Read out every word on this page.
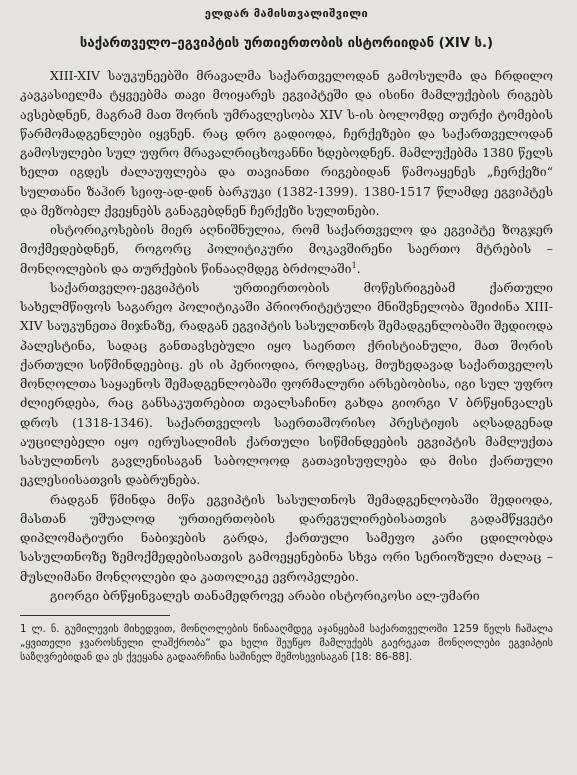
ელდარ მამისთვალიშვილი
საქართველო–ეგვიპტის ურთიერთობის ისტორიიდან (XIV ს.)

XIII-XIV საუკუნეებში მრავალმა საქართველოდან გამოსულმა და ჩრდილო კავკასიელმა ტყვეებმა თავი მოიყარეს ეგვიპტეში და ისინი მამლუქების რიგებს ავსებდნენ, მაგრამ მათ შორის უმრავლესობა XIV ს-ის ბოლომდე თურქი ტომების წარმომადგენლები იყვნენ. რაც დრო გადიოდა, ჩერქეზები და საქართველოდან გამოსულები სულ უფრო მრავალრიცხოვანნი ხდებოდნენ. მამლუქებმა 1380 წელს ხელთ იგდეს ძალაუფლება და თავიანთი რიგებიდან წამოაყენეს „ჩერქეზი“ სულთანი ზაჰირ სეიფ-ად-დინ ბარკუკი (1382-1399). 1380-1517 წლამდე ეგვიპტეს და მეზობელ ქვეყნებს განაგებდნენ ჩერქეზი სულთნები.

ისტორიკოსების მიერ აღნიშნულია, რომ საქართველო და ეგვიპტე ზოგჯერ მოქმედებდნენ, როგორც პოლიტიკური მოკავშირენი საერთო მტრების – მონღოლების და თურქების წინააღმდეგ ბრძოლაში$^1$.

საქართველო-ეგვიპტის ურთიერთობის მოწესრიგებამ ქართული სახელმწიფოს საგარეო პოლიტიკაში პრიორიტეტული მნიშვნელობა შეიძინა XIII-XIV საუკუნეთა მიჯნაზე, რადგან ეგვიპტის სასულთნოს შემადგენლობაში შედიოდა პალესტინა, სადაც განთავსებული იყო საერთო ქრისტიანული, მათ შორის ქართული სიწმინდეებიც. ეს ის პერიოდია, როდესაც, მიუხედავად საქართველოს მონღოლთა საყაენოს შემადგენლობაში ფორმალური არსებობისა, იგი სულ უფრო ძლიერდება, რაც განსაკუთრებით თვალსაჩინო გახდა გიორგი V ბრწყინვალეს დროს (1318-1346). საქართველოს საერთაშორისო პრესტიჟის აღსადგენად აუცილებელი იყო იერუსალიმის ქართული სიწმინდეების ეგვიპტის მამლუქთა სასულთნოს გავლენისაგან საბოლოოდ გათავისუფლება და მისი ქართული ეკლესიისათვის დაბრუნება.

რადგან წმინდა მიწა ეგვიპტის სასულთნოს შემადგენლობაში შედიოდა, მასთან უშუალოდ ურთიერთობის დარეგულირებისათვის გადამწყვეტი დიპლომატიური ნაბიჯების გარდა, ქართული სამეფო კარი ცდილობდა სასულთნოზე ზემოქმედებისათვის გამოეყენებინა სხვა ორი სერიოზული ძალაც – მუსლიმანი მონღოლები და კათოლიკე ევროპელები.

გიორგი ბრწყინვალეს თანამედროვე არაბი ისტორიკოსი ალ-უმარი

1 ლ. ნ. გუმილევის მიხედვით, მონღოლების წინააღმდეგ აჯანყებამ საქართველოში 1259 წელს ჩაშალა „ყვითელი ჯვაროსნული ლაშქრობა“ და ხელი შეუწყო მამლუქებს გაერეკათ მონღოლები ეგვიპტის საზღვრებიდან და ეს ქვეყანა გადაარჩინა საშინელ შემოსევისაგან [18: 86-88].
